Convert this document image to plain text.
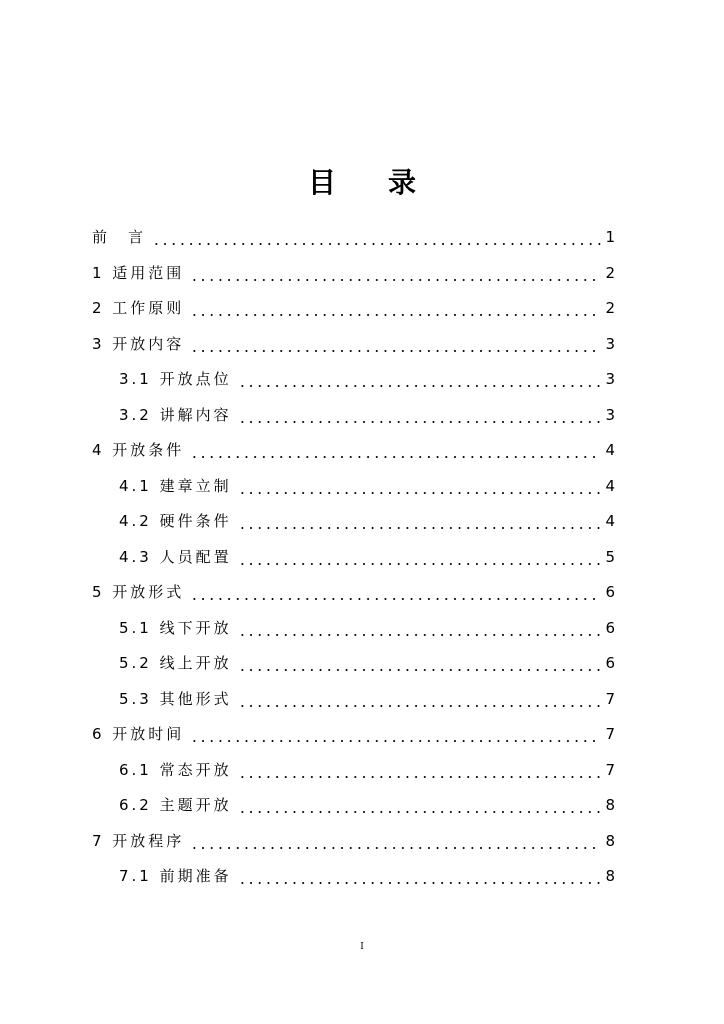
目录
前　言	1
1 适用范围	2
2 工作原则	2
3 开放内容	3
3.1 开放点位	3
3.2 讲解内容	3
4 开放条件	4
4.1 建章立制	4
4.2 硬件条件	4
4.3 人员配置	5
5 开放形式	6
5.1 线下开放	6
5.2 线上开放	6
5.3 其他形式	7
6 开放时间	7
6.1 常态开放	7
6.2 主题开放	8
7 开放程序	8
7.1 前期准备	8
I
